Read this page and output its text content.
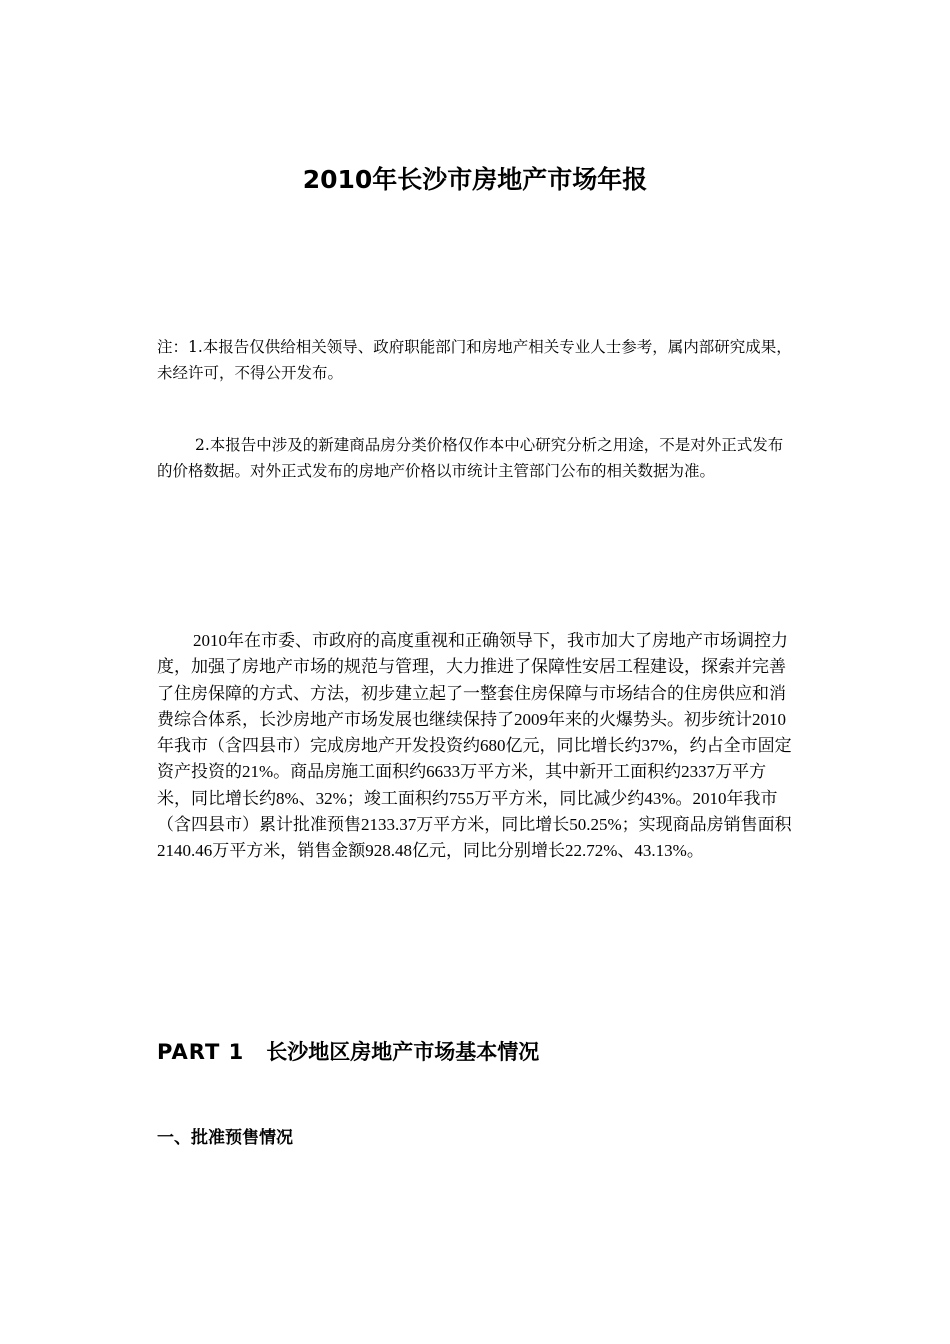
2010年长沙市房地产市场年报

注：1.本报告仅供给相关领导、政府职能部门和房地产相关专业人士参考，属内部研究成果，未经许可，不得公开发布。

2.本报告中涉及的新建商品房分类价格仅作本中心研究分析之用途，不是对外正式发布的价格数据。对外正式发布的房地产价格以市统计主管部门公布的相关数据为准。

2010年在市委、市政府的高度重视和正确领导下，我市加大了房地产市场调控力度，加强了房地产市场的规范与管理，大力推进了保障性安居工程建设，探索并完善了住房保障的方式、方法，初步建立起了一整套住房保障与市场结合的住房供应和消费综合体系，长沙房地产市场发展也继续保持了2009年来的火爆势头。初步统计2010年我市（含四县市）完成房地产开发投资约680亿元，同比增长约37%，约占全市固定资产投资的21%。商品房施工面积约6633万平方米，其中新开工面积约2337万平方米，同比增长约8%、32%；竣工面积约755万平方米，同比减少约43%。2010年我市（含四县市）累计批准预售2133.37万平方米，同比增长50.25%；实现商品房销售面积2140.46万平方米，销售金额928.48亿元，同比分别增长22.72%、43.13%。

PART 1 长沙地区房地产市场基本情况
一、批准预售情况
